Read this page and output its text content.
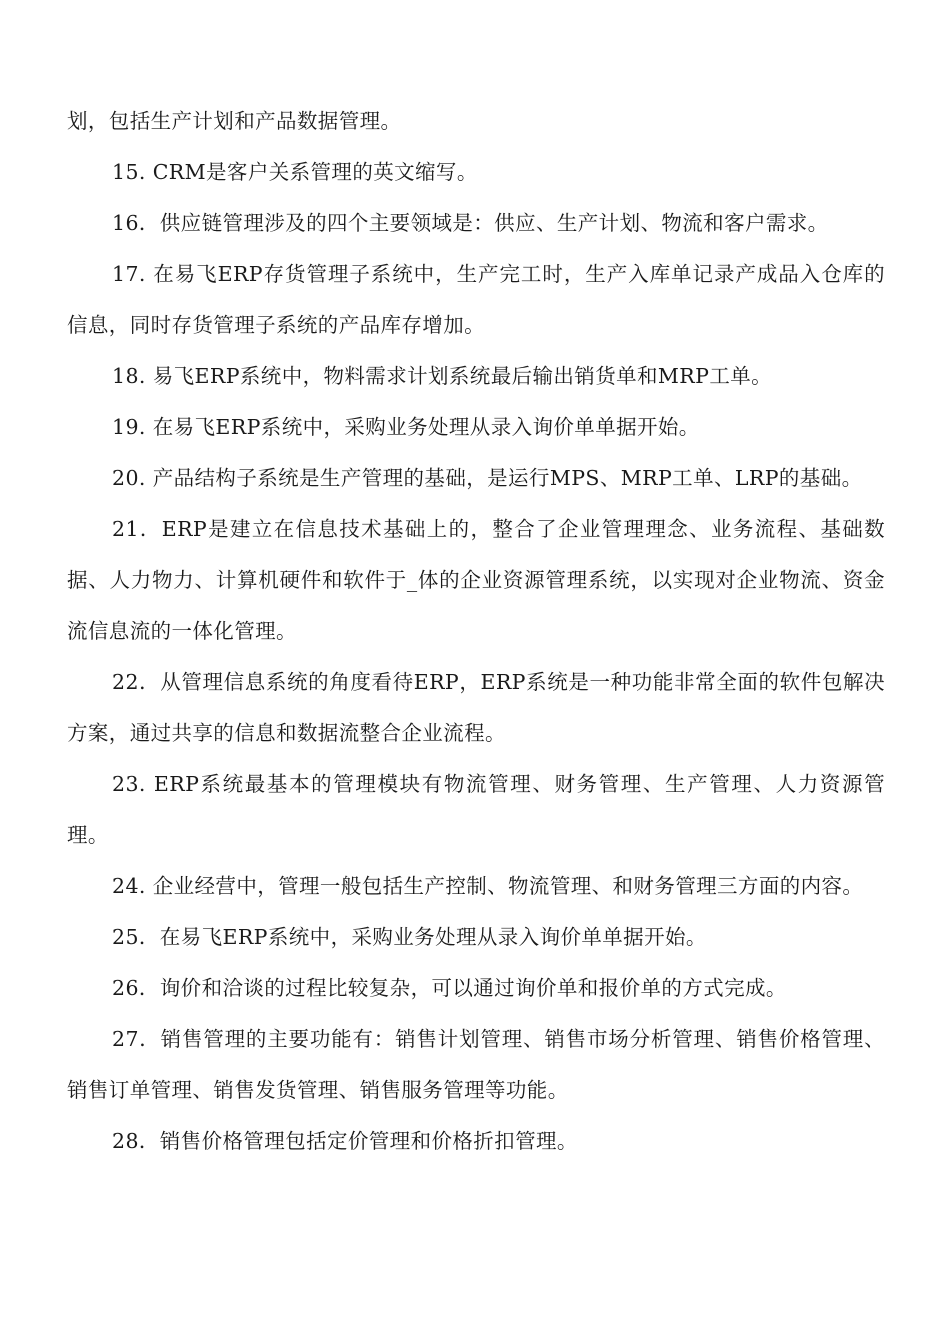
划，包括生产计划和产品数据管理。

15. CRM是客户关系管理的英文缩写。

16．供应链管理涉及的四个主要领域是：供应、生产计划、物流和客户需求。

17. 在易飞ERP存货管理子系统中，生产完工时，生产入库单记录产成品入仓库的信息，同时存货管理子系统的产品库存增加。

18. 易飞ERP系统中，物料需求计划系统最后输出销货单和MRP工单。

19. 在易飞ERP系统中，采购业务处理从录入询价单单据开始。

20. 产品结构子系统是生产管理的基础，是运行MPS、MRP工单、LRP的基础。

21．ERP是建立在信息技术基础上的，整合了企业管理理念、业务流程、基础数据、人力物力、计算机硬件和软件于_体的企业资源管理系统，以实现对企业物流、资金流信息流的一体化管理。

22．从管理信息系统的角度看待ERP，ERP系统是一种功能非常全面的软件包解决方案，通过共享的信息和数据流整合企业流程。

23. ERP系统最基本的管理模块有物流管理、财务管理、生产管理、人力资源管理。

24. 企业经营中，管理一般包括生产控制、物流管理、和财务管理三方面的内容。

25．在易飞ERP系统中，采购业务处理从录入询价单单据开始。

26．询价和洽谈的过程比较复杂，可以通过询价单和报价单的方式完成。

27．销售管理的主要功能有：销售计划管理、销售市场分析管理、销售价格管理、销售订单管理、销售发货管理、销售服务管理等功能。

28．销售价格管理包括定价管理和价格折扣管理。
